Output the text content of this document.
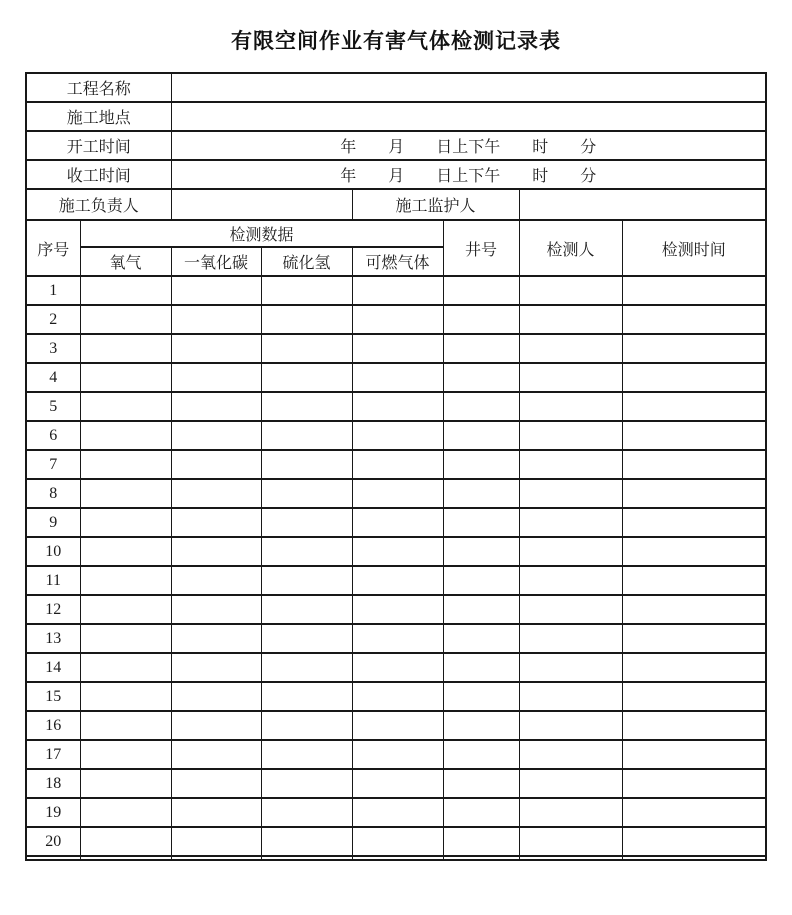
有限空间作业有害气体检测记录表
工程名称							
施工地点							
开工时间		年　　月　　日上下午　　时　　分					
收工时间		年　　月　　日上下午　　时　　分					
施工负责人				施工监护人			
序号	检测数据				井号	检测人	检测时间
	氧气	一氧化碳	硫化氢	可燃气体			
1							
2							
3							
4							
5							
6							
7							
8							
9							
10							
11							
12							
13							
14							
15							
16							
17							
18							
19							
20							
